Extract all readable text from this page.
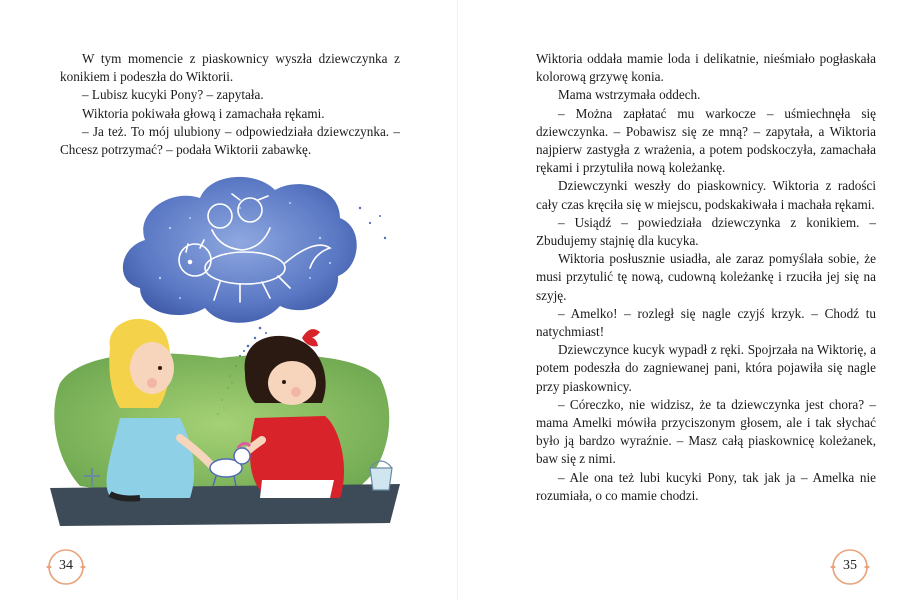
W tym momencie z piaskownicy wyszła dziewczynka z konikiem i podeszła do Wiktorii.

– Lubisz kucyki Pony? – zapytała.

Wiktoria pokiwała głową i zamachała rękami.

– Ja też. To mój ulubiony – odpowiedziała dziewczynka. – Chcesz potrzymać? – podała Wiktorii zabawkę.

34

Wiktoria oddała mamie loda i delikatnie, nieśmiało pogłaskała kolorową grzywę konia.

Mama wstrzymała oddech.

– Można zapłatać mu warkocze – uśmiechnęła się dziewczynka. – Pobawisz się ze mną? – zapytała, a Wiktoria najpierw zastygła z wrażenia, a potem podskoczyła, zamachała rękami i przytuliła nową koleżankę.

Dziewczynki weszły do piaskownicy. Wiktoria z radości cały czas kręciła się w miejscu, podskakiwała i machała rękami.

– Usiądź – powiedziała dziewczynka z konikiem. – Zbudujemy stajnię dla kucyka.

Wiktoria posłusznie usiadła, ale zaraz pomyślała sobie, że musi przytulić tę nową, cudowną koleżankę i rzuciła jej się na szyję.

– Amelko! – rozległ się nagle czyjś krzyk. – Chodź tu natychmiast!

Dziewczynce kucyk wypadł z ręki. Spojrzała na Wiktorię, a potem podeszła do zagniewanej pani, która pojawiła się nagle przy piaskownicy.

– Córeczko, nie widzisz, że ta dziewczynka jest chora? – mama Amelki mówiła przyciszonym głosem, ale i tak słychać było ją bardzo wyraźnie. – Masz całą piaskownicę koleżanek, baw się z nimi.

– Ale ona też lubi kucyki Pony, tak jak ja – Amelka nie rozumiała, o co mamie chodzi.

35
